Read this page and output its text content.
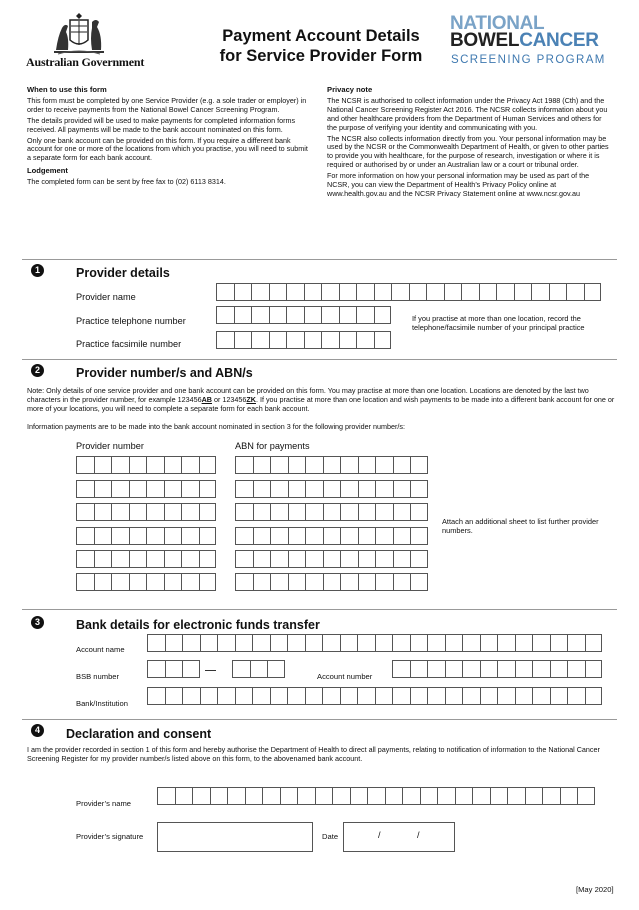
Australian Government
Payment Account Details
for Service Provider Form
NATIONAL
BOWELCANCER
SCREENING PROGRAM
When to use this form

This form must be completed by one Service Provider (e.g. a sole trader or employer) in order to receive payments from the National Bowel Cancer Screening Program.

The details provided will be used to make payments for completed information forms received. All payments will be made to the bank account nominated on this form.

Only one bank account can be provided on this form. If you require a different bank account for one or more of the locations from which you practise, you will need to submit a separate form for each bank account.

Lodgement

The completed form can be sent by free fax to (02) 6113 8314.

Privacy note

The NCSR is authorised to collect information under the Privacy Act 1988 (Cth) and the National Cancer Screening Register Act 2016. The NCSR collects information about you and other healthcare providers from the Department of Human Services and others for the purpose of verifying your identity and communicating with you.

The NCSR also collects information directly from you. Your personal information may be used by the NCSR or the Commonwealth Department of Health, or given to other parties to provide you with healthcare, for the purpose of research, investigation or where it is required or authorised by or under an Australian law or a court or tribunal order.

For more information on how your personal information may be used as part of the NCSR, you can view the Department of Health’s Privacy Policy online at www.health.gov.au and the NCSR Privacy Statement online at www.ncsr.gov.au

1	Provider details
Provider name
Practice telephone number
Practice facsimile number
If you practise at more than one location, record the telephone/facsimile number of your principal practice
2	Provider number/s and ABN/s
Note: Only details of one service provider and one bank account can be provided on this form. You may practise at more than one location. Locations are denoted by the last two characters in the provider number, for example 123456AB or 123456ZK. If you practise at more than one location and wish payments to be made into a different bank account for one or more of your locations, you will need to complete a separate form for each bank account.
Information payments are to be made into the bank account nominated in section 3 for the following provider number/s:
Provider number	ABN for payments
Attach an additional sheet to list further provider numbers.
3	Bank details for electronic funds transfer
Account name
BSB number	Account number
Bank/Institution
4	Declaration and consent
I am the provider recorded in section 1 of this form and hereby authorise the Department of Health to direct all payments, relating to notification of information to the National Cancer Screening Register for my provider number/s listed above on this form, to the abovenamed bank account.
Provider’s name
Provider’s signature	Date	/	/
[May 2020]
